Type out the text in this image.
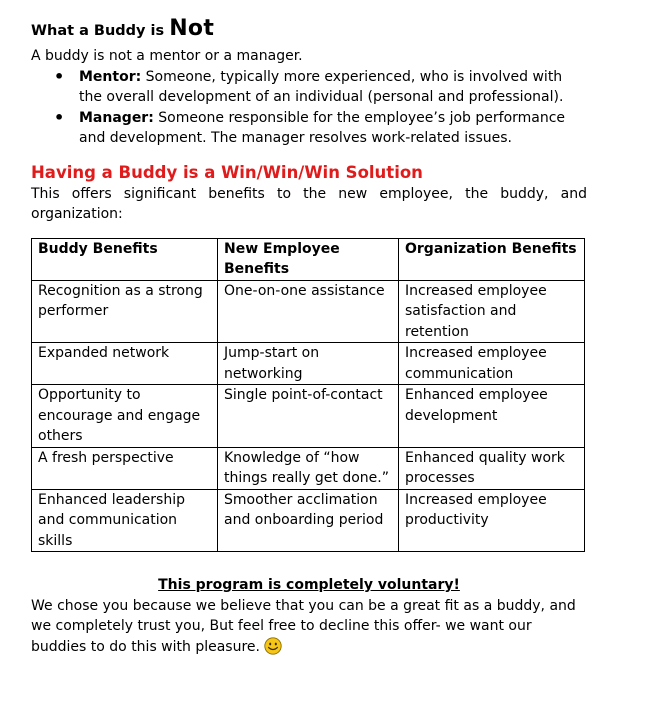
What a Buddy is Not

A buddy is not a mentor or a manager.

• Mentor: Someone, typically more experienced, who is involved with the overall development of an individual (personal and professional).
• Manager: Someone responsible for the employee’s job performance and development. The manager resolves work-related issues.
Having a Buddy is a Win/Win/Win Solution

This offers significant benefits to the new employee, the buddy, and organization:

Buddy Benefits	New Employee Benefits	Organization Benefits
Recognition as a strong performer	One-on-one assistance	Increased employee satisfaction and retention
Expanded network	Jump-start on networking	Increased employee communication
Opportunity to encourage and engage others	Single point-of-contact	Enhanced employee development
A fresh perspective	Knowledge of “how things really get done.”	Enhanced quality work processes
Enhanced leadership and communication skills	Smoother acclimation and onboarding period	Increased employee productivity
This program is completely voluntary!

We chose you because we believe that you can be a great fit as a buddy, and we completely trust you, But feel free to decline this offer- we want our buddies to do this with pleasure.
